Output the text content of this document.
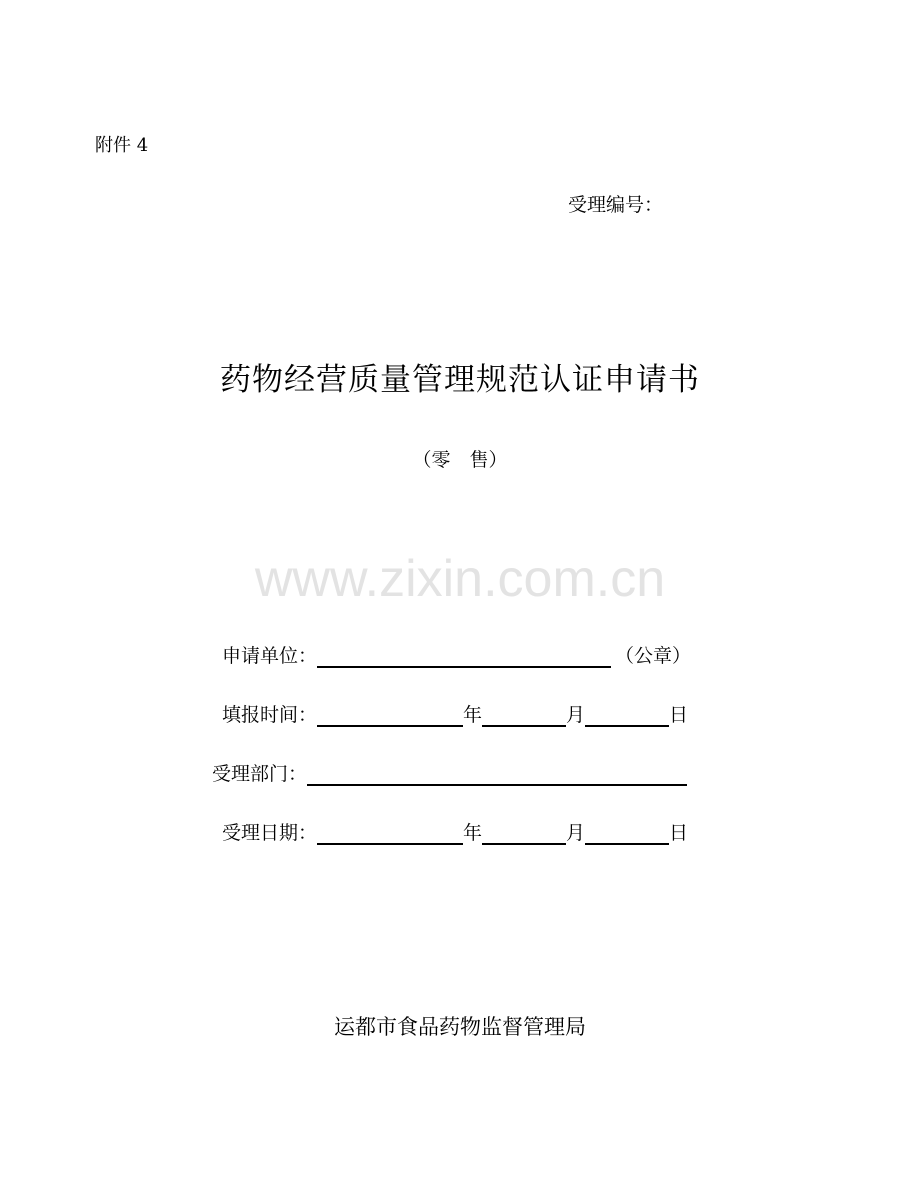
附件 4
受理编号：
药物经营质量管理规范认证申请书
（零　售）
www.zixin.com.cn
申请单位：	（公章）
填报时间：	年	月	日
受理部门：
受理日期：	年	月	日
运都市食品药物监督管理局
